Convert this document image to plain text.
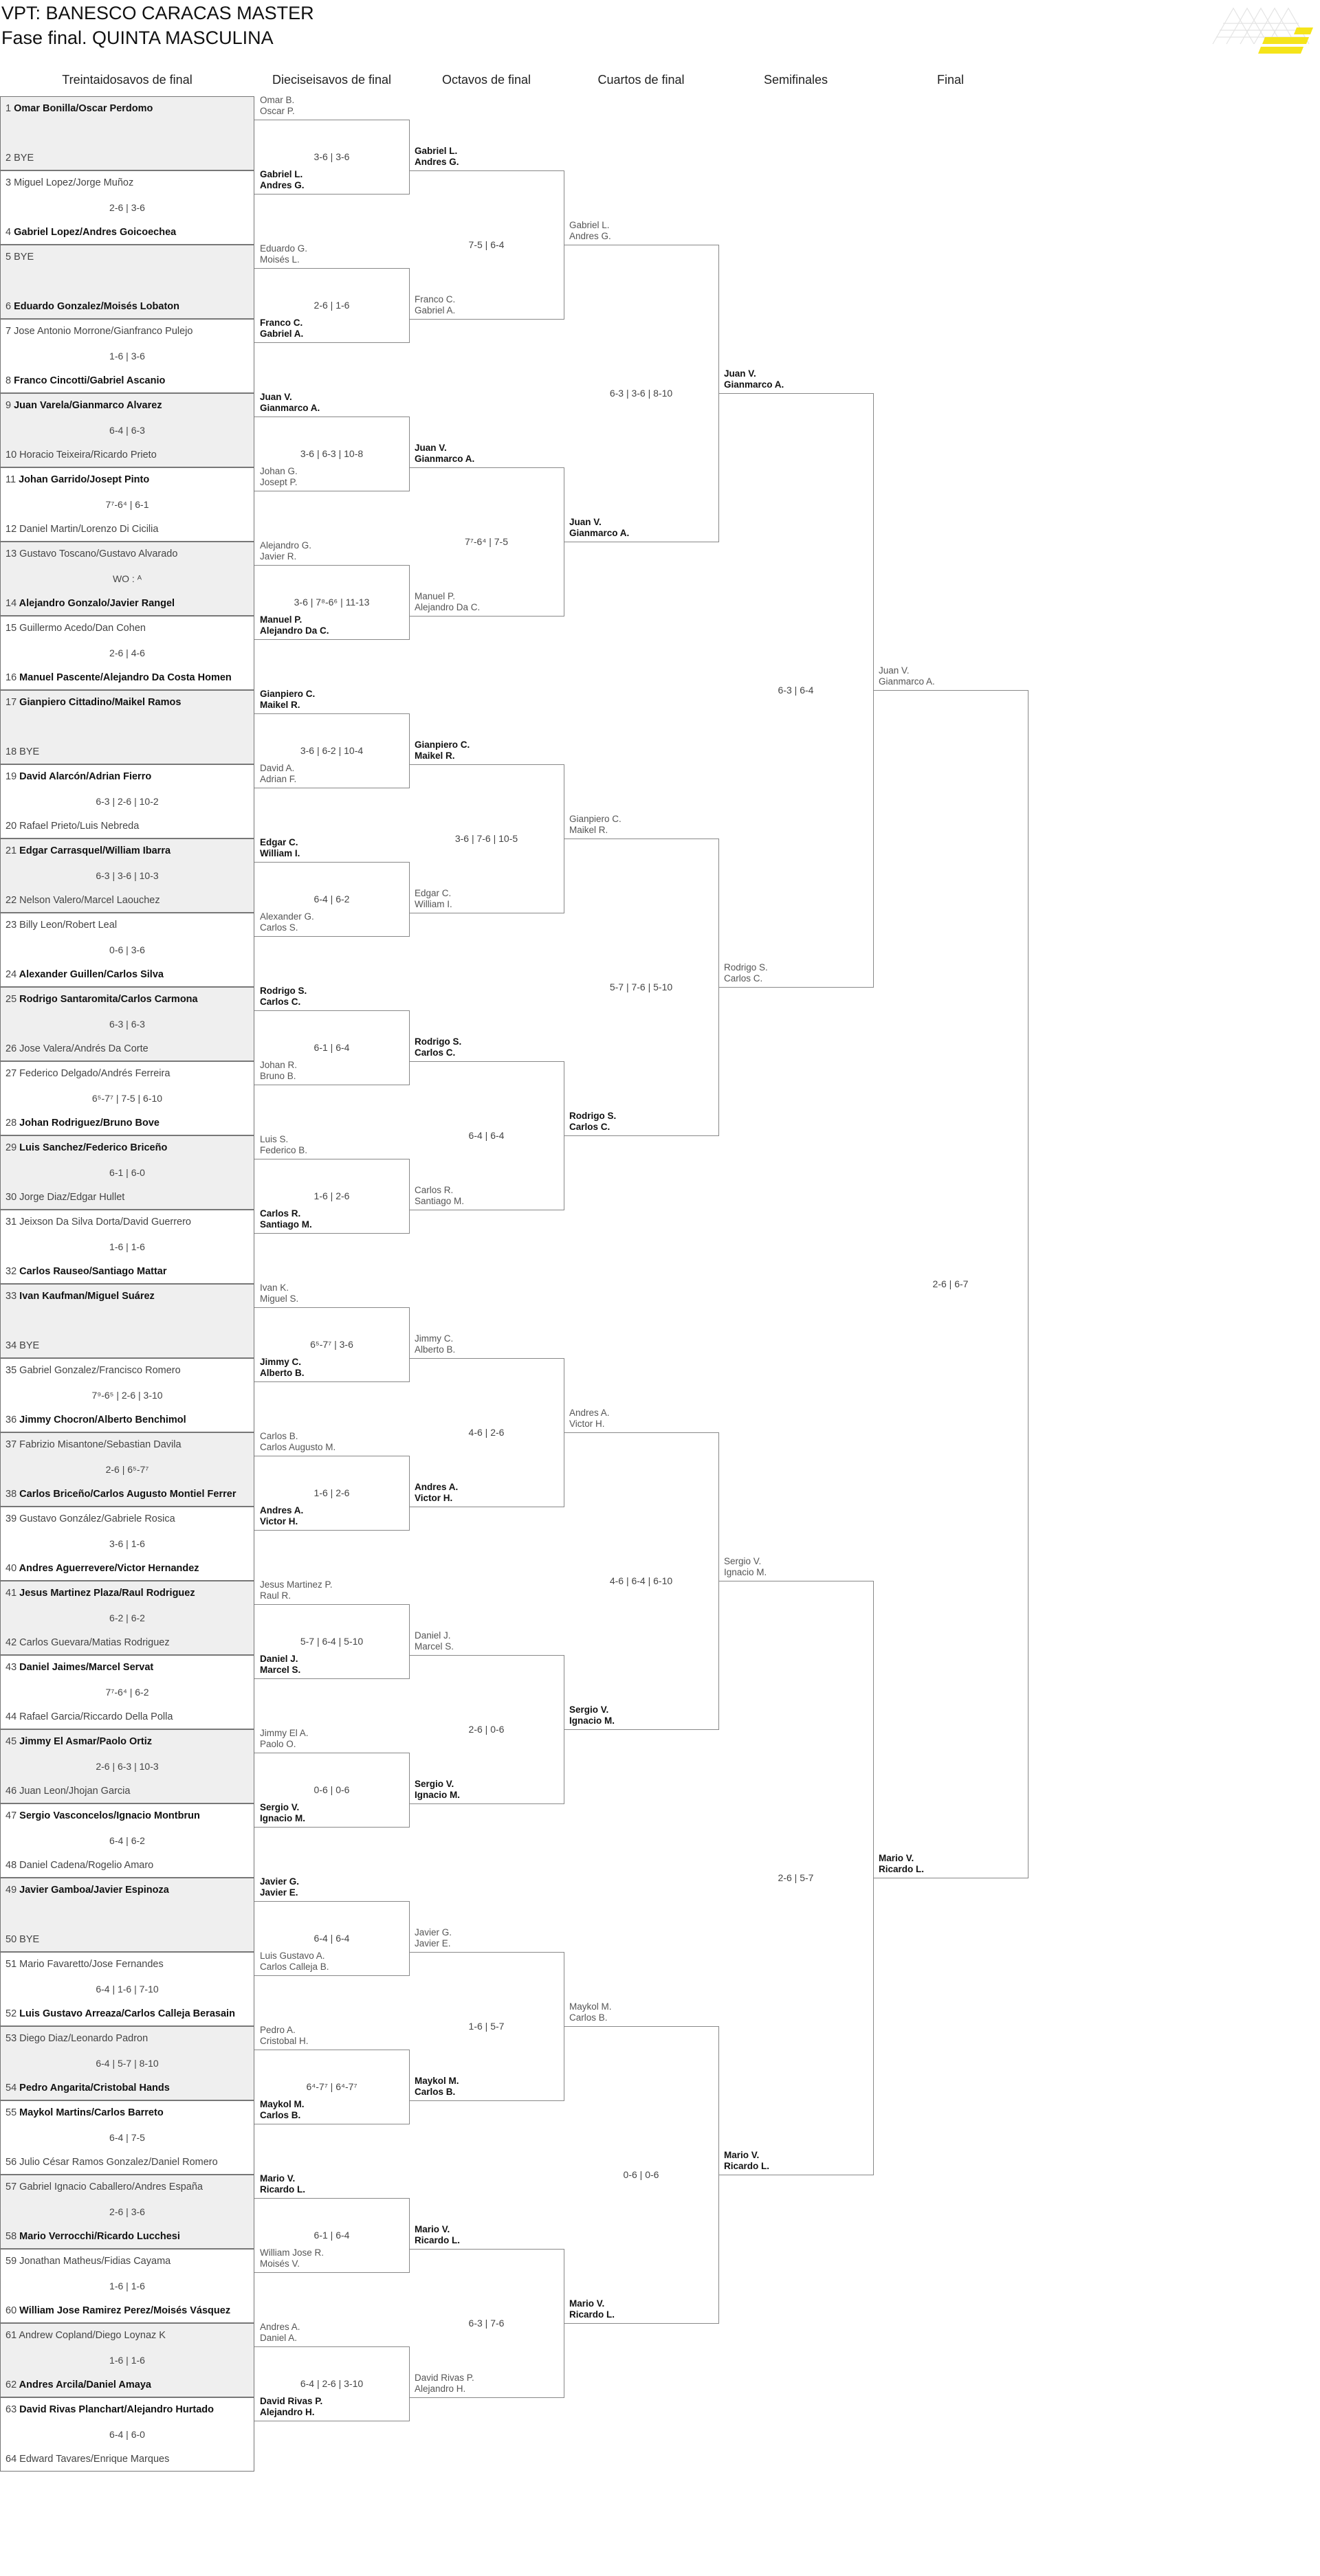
VPT: BANESCO CARACAS MASTER
Fase final. QUINTA MASCULINA
Treintaidosavos de final	Dieciseisavos de final	Octavos de final	Cuartos de final	Semifinales	Final
1 Omar Bonilla/Oscar Perdomo
2 BYE
3 Miguel Lopez/Jorge Muñoz
4 Gabriel Lopez/Andres Goicoechea
2-6 | 3-6
5 BYE
6 Eduardo Gonzalez/Moisés Lobaton
7 Jose Antonio Morrone/Gianfranco Pulejo
8 Franco Cincotti/Gabriel Ascanio
1-6 | 3-6
9 Juan Varela/Gianmarco Alvarez
10 Horacio Teixeira/Ricardo Prieto
6-4 | 6-3
11 Johan Garrido/Josept Pinto
12 Daniel Martin/Lorenzo Di Cicilia
7⁷-6⁴ | 6-1
13 Gustavo Toscano/Gustavo Alvarado
14 Alejandro Gonzalo/Javier Rangel
WO : ᴬ
15 Guillermo Acedo/Dan Cohen
16 Manuel Pascente/Alejandro Da Costa Homen
2-6 | 4-6
17 Gianpiero Cittadino/Maikel Ramos
18 BYE
19 David Alarcón/Adrian Fierro
20 Rafael Prieto/Luis Nebreda
6-3 | 2-6 | 10-2
21 Edgar Carrasquel/William Ibarra
22 Nelson Valero/Marcel Laouchez
6-3 | 3-6 | 10-3
23 Billy Leon/Robert Leal
24 Alexander Guillen/Carlos Silva
0-6 | 3-6
25 Rodrigo Santaromita/Carlos Carmona
26 Jose Valera/Andrés Da Corte
6-3 | 6-3
27 Federico Delgado/Andrés Ferreira
28 Johan Rodriguez/Bruno Bove
6⁵-7⁷ | 7-5 | 6-10
29 Luis Sanchez/Federico Briceño
30 Jorge Diaz/Edgar Hullet
6-1 | 6-0
31 Jeixson Da Silva Dorta/David Guerrero
32 Carlos Rauseo/Santiago Mattar
1-6 | 1-6
33 Ivan Kaufman/Miguel Suárez
34 BYE
35 Gabriel Gonzalez/Francisco Romero
36 Jimmy Chocron/Alberto Benchimol
7⁹-6⁵ | 2-6 | 3-10
37 Fabrizio Misantone/Sebastian Davila
38 Carlos Briceño/Carlos Augusto Montiel Ferrer
2-6 | 6⁵-7⁷
39 Gustavo González/Gabriele Rosica
40 Andres Aguerrevere/Victor Hernandez
3-6 | 1-6
41 Jesus Martinez Plaza/Raul Rodriguez
42 Carlos Guevara/Matias Rodriguez
6-2 | 6-2
43 Daniel Jaimes/Marcel Servat
44 Rafael Garcia/Riccardo Della Polla
7⁷-6⁴ | 6-2
45 Jimmy El Asmar/Paolo Ortiz
46 Juan Leon/Jhojan Garcia
2-6 | 6-3 | 10-3
47 Sergio Vasconcelos/Ignacio Montbrun
48 Daniel Cadena/Rogelio Amaro
6-4 | 6-2
49 Javier Gamboa/Javier Espinoza
50 BYE
51 Mario Favaretto/Jose Fernandes
52 Luis Gustavo Arreaza/Carlos Calleja Berasain
6-4 | 1-6 | 7-10
53 Diego Diaz/Leonardo Padron
54 Pedro Angarita/Cristobal Hands
6-4 | 5-7 | 8-10
55 Maykol Martins/Carlos Barreto
56 Julio César Ramos Gonzalez/Daniel Romero
6-4 | 7-5
57 Gabriel Ignacio Caballero/Andres España
58 Mario Verrocchi/Ricardo Lucchesi
2-6 | 3-6
59 Jonathan Matheus/Fidias Cayama
60 William Jose Ramirez Perez/Moisés Vásquez
1-6 | 1-6
61 Andrew Copland/Diego Loynaz K
62 Andres Arcila/Daniel Amaya
1-6 | 1-6
63 David Rivas Planchart/Alejandro Hurtado
64 Edward Tavares/Enrique Marques
6-4 | 6-0
Omar B.
Oscar P.
Gabriel L.
Andres G.
3-6 | 3-6
Eduardo G.
Moisés L.
Franco C.
Gabriel A.
2-6 | 1-6
Juan V.
Gianmarco A.
Johan G.
Josept P.
3-6 | 6-3 | 10-8
Alejandro G.
Javier R.
Manuel P.
Alejandro Da C.
3-6 | 7⁸-6⁶ | 11-13
Gianpiero C.
Maikel R.
David A.
Adrian F.
3-6 | 6-2 | 10-4
Edgar C.
William I.
Alexander G.
Carlos S.
6-4 | 6-2
Rodrigo S.
Carlos C.
Johan R.
Bruno B.
6-1 | 6-4
Luis S.
Federico B.
Carlos R.
Santiago M.
1-6 | 2-6
Ivan K.
Miguel S.
Jimmy C.
Alberto B.
6⁵-7⁷ | 3-6
Carlos B.
Carlos Augusto M.
Andres A.
Victor H.
1-6 | 2-6
Jesus Martinez P.
Raul R.
Daniel J.
Marcel S.
5-7 | 6-4 | 5-10
Jimmy El A.
Paolo O.
Sergio V.
Ignacio M.
0-6 | 0-6
Javier G.
Javier E.
Luis Gustavo A.
Carlos Calleja B.
6-4 | 6-4
Pedro A.
Cristobal H.
Maykol M.
Carlos B.
6⁴-7⁷ | 6⁴-7⁷
Mario V.
Ricardo L.
William Jose R.
Moisés V.
6-1 | 6-4
Andres A.
Daniel A.
David Rivas P.
Alejandro H.
6-4 | 2-6 | 3-10
Gabriel L.
Andres G.
Franco C.
Gabriel A.
7-5 | 6-4
Juan V.
Gianmarco A.
Manuel P.
Alejandro Da C.
7⁷-6⁴ | 7-5
Gianpiero C.
Maikel R.
Edgar C.
William I.
3-6 | 7-6 | 10-5
Rodrigo S.
Carlos C.
Carlos R.
Santiago M.
6-4 | 6-4
Jimmy C.
Alberto B.
Andres A.
Victor H.
4-6 | 2-6
Daniel J.
Marcel S.
Sergio V.
Ignacio M.
2-6 | 0-6
Javier G.
Javier E.
Maykol M.
Carlos B.
1-6 | 5-7
Mario V.
Ricardo L.
David Rivas P.
Alejandro H.
6-3 | 7-6
Gabriel L.
Andres G.
Juan V.
Gianmarco A.
6-3 | 3-6 | 8-10
Gianpiero C.
Maikel R.
Rodrigo S.
Carlos C.
5-7 | 7-6 | 5-10
Andres A.
Victor H.
Sergio V.
Ignacio M.
4-6 | 6-4 | 6-10
Maykol M.
Carlos B.
Mario V.
Ricardo L.
0-6 | 0-6
Juan V.
Gianmarco A.
Rodrigo S.
Carlos C.
6-3 | 6-4
Sergio V.
Ignacio M.
Mario V.
Ricardo L.
2-6 | 5-7
Juan V.
Gianmarco A.
Mario V.
Ricardo L.
2-6 | 6-7
